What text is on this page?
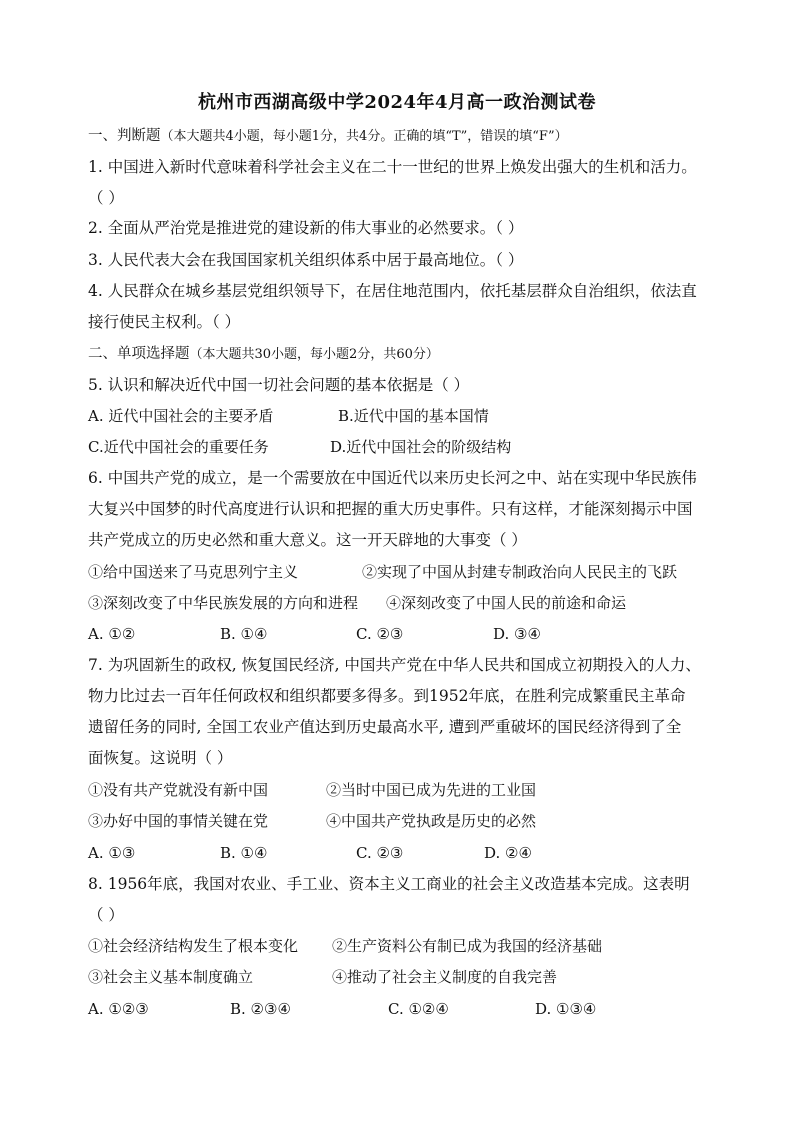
杭州市西湖高级中学2024年4月高一政治测试卷
一、判断题（本大题共4小题，每小题1分，共4分。正确的填“T”，错误的填“F”）
1. 中国进入新时代意味着科学社会主义在二十一世纪的世界上焕发出强大的生机和活力。
（ ）
2. 全面从严治党是推进党的建设新的伟大事业的必然要求。（ ）
3. 人民代表大会在我国国家机关组织体系中居于最高地位。（ ）
4. 人民群众在城乡基层党组织领导下，在居住地范围内，依托基层群众自治组织，依法直
接行使民主权利。（ ）
二、单项选择题（本大题共30小题，每小题2分，共60分）
5. 认识和解决近代中国一切社会问题的基本依据是（ ）
A. 近代中国社会的主要矛盾	B.近代中国的基本国情
C.近代中国社会的重要任务	D.近代中国社会的阶级结构
6. 中国共产党的成立，是一个需要放在中国近代以来历史长河之中、站在实现中华民族伟
大复兴中国梦的时代高度进行认识和把握的重大历史事件。只有这样，才能深刻揭示中国
共产党成立的历史必然和重大意义。这一开天辟地的大事变（ ）
①给中国送来了马克思列宁主义	②实现了中国从封建专制政治向人民民主的飞跃
③深刻改变了中华民族发展的方向和进程 ④深刻改变了中国人民的前途和命运
A. ①②	B. ①④	C. ②③	D. ③④
7. 为巩固新生的政权, 恢复国民经济, 中国共产党在中华人民共和国成立初期投入的人力、
物力比过去一百年任何政权和组织都要多得多。到1952年底，在胜利完成繁重民主革命
遗留任务的同时, 全国工农业产值达到历史最高水平, 遭到严重破坏的国民经济得到了全
面恢复。这说明（ ）
①没有共产党就没有新中国	②当时中国已成为先进的工业国
③办好中国的事情关键在党	④中国共产党执政是历史的必然
A. ①③	B. ①④	C. ②③	D. ②④
8. 1956年底，我国对农业、手工业、资本主义工商业的社会主义改造基本完成。这表明
（ ）
①社会经济结构发生了根本变化 ②生产资料公有制已成为我国的经济基础
③社会主义基本制度确立	④推动了社会主义制度的自我完善
A. ①②③	B. ②③④	C. ①②④	D. ①③④
